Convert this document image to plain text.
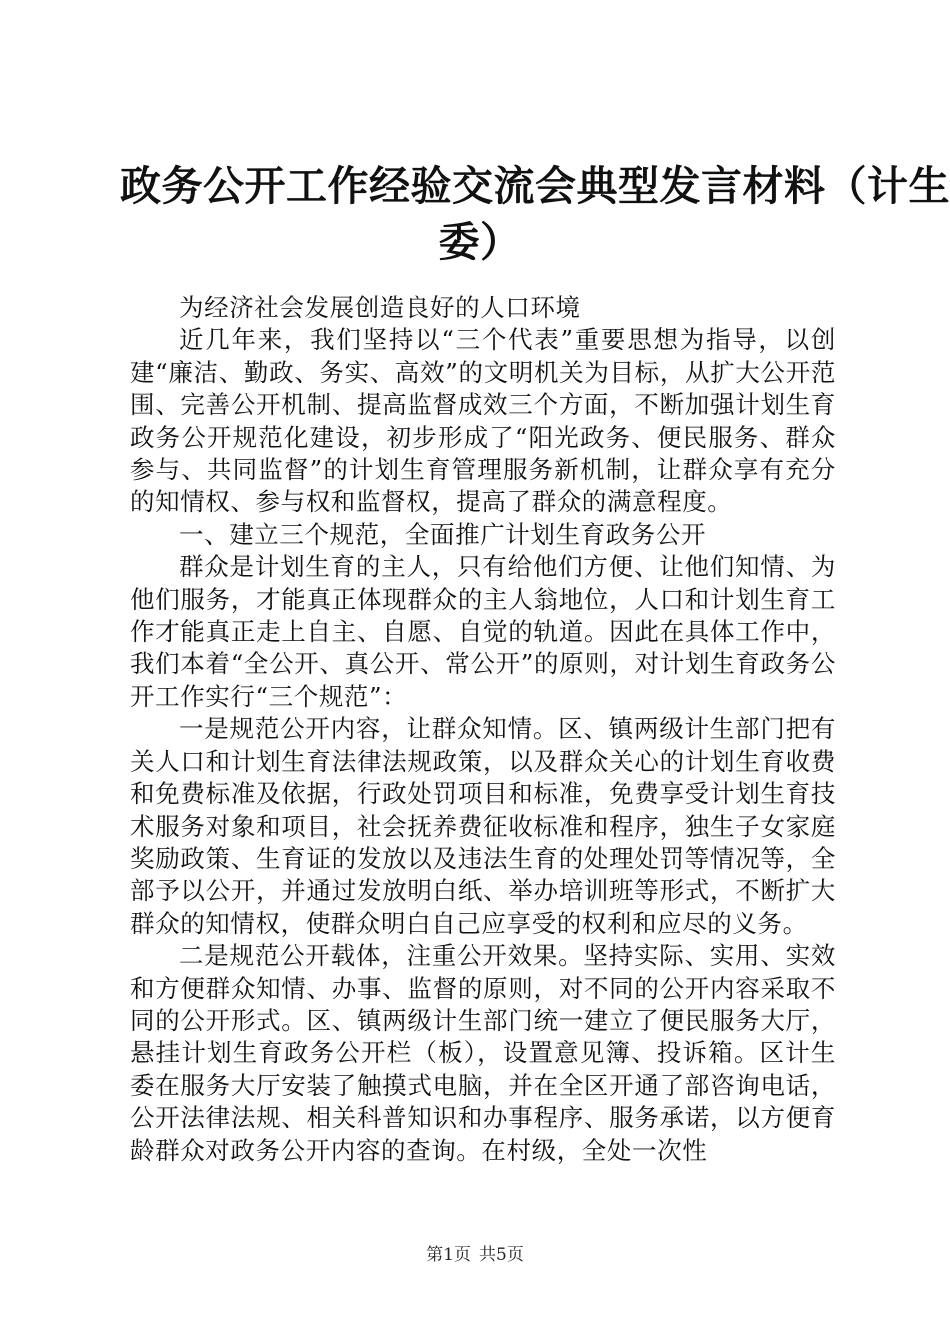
政务公开工作经验交流会典型发言材料（计生
委）

为经济社会发展创造良好的人口环境

近几年来，我们坚持以“三个代表”重要思想为指导，以创建“廉洁、勤政、务实、高效”的文明机关为目标，从扩大公开范围、完善公开机制、提高监督成效三个方面，不断加强计划生育政务公开规范化建设，初步形成了“阳光政务、便民服务、群众参与、共同监督”的计划生育管理服务新机制，让群众享有充分的知情权、参与权和监督权，提高了群众的满意程度。

一、建立三个规范，全面推广计划生育政务公开

群众是计划生育的主人，只有给他们方便、让他们知情、为他们服务，才能真正体现群众的主人翁地位，人口和计划生育工作才能真正走上自主、自愿、自觉的轨道。因此在具体工作中，我们本着“全公开、真公开、常公开”的原则，对计划生育政务公开工作实行“三个规范”：

一是规范公开内容，让群众知情。区、镇两级计生部门把有关人口和计划生育法律法规政策，以及群众关心的计划生育收费和免费标准及依据，行政处罚项目和标准，免费享受计划生育技术服务对象和项目，社会抚养费征收标准和程序，独生子女家庭奖励政策、生育证的发放以及违法生育的处理处罚等情况等，全部予以公开，并通过发放明白纸、举办培训班等形式，不断扩大群众的知情权，使群众明白自己应享受的权利和应尽的义务。

二是规范公开载体，注重公开效果。坚持实际、实用、实效和方便群众知情、办事、监督的原则，对不同的公开内容采取不同的公开形式。区、镇两级计生部门统一建立了便民服务大厅，悬挂计划生育政务公开栏（板），设置意见簿、投诉箱。区计生委在服务大厅安装了触摸式电脑，并在全区开通了部咨询电话，公开法律法规、相关科普知识和办事程序、服务承诺，以方便育龄群众对政务公开内容的查询。在村级，全处一次性

第1页 共5页
